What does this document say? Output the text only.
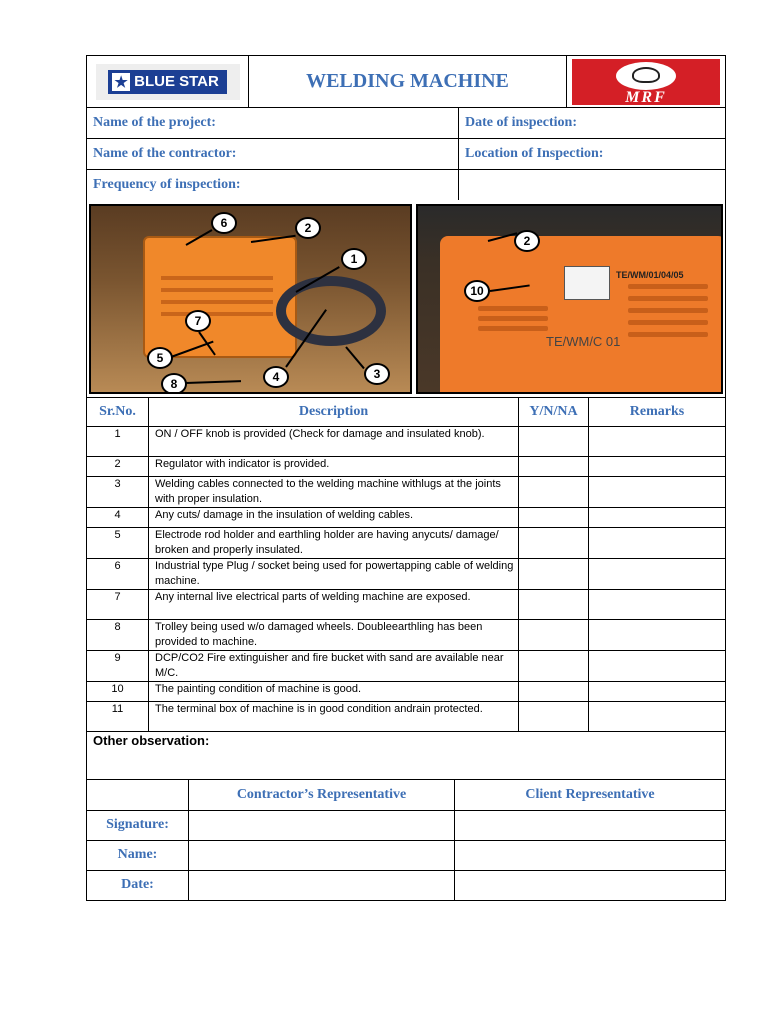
★ BLUE STAR	WELDING MACHINE
MRF
Name of the project:	Date of inspection:
Name of the contractor:	Location of Inspection:
Frequency of inspection:
6	2
1
7
5
4	3
8
TE/WM/01/04/05
TE/WM/C 01
2
10
Sr.No.	Description	Y/N/NA	Remarks
1	ON / OFF knob is provided (Check for damage and insulated knob).		
2	Regulator with indicator is provided.		
3	Welding cables connected to the welding machine withlugs at the joints with proper insulation.		
4	Any cuts/ damage in the insulation of welding cables.		
5	Electrode rod holder and earthling holder are having anycuts/ damage/ broken and properly insulated.		
6	Industrial type Plug / socket being used for powertapping cable of welding machine.		
7	Any internal live electrical parts of welding machine are exposed.		
8	Trolley being used w/o damaged wheels. Doubleearthling has been provided to machine.		
9	DCP/CO2 Fire extinguisher and fire bucket with sand are available near M/C.		
10	The painting condition of machine is good.		
11	The terminal box of machine is in good condition andrain protected.		
Other observation:
	Contractor’s Representative	Client Representative
Signature:		
Name:		
Date:		
